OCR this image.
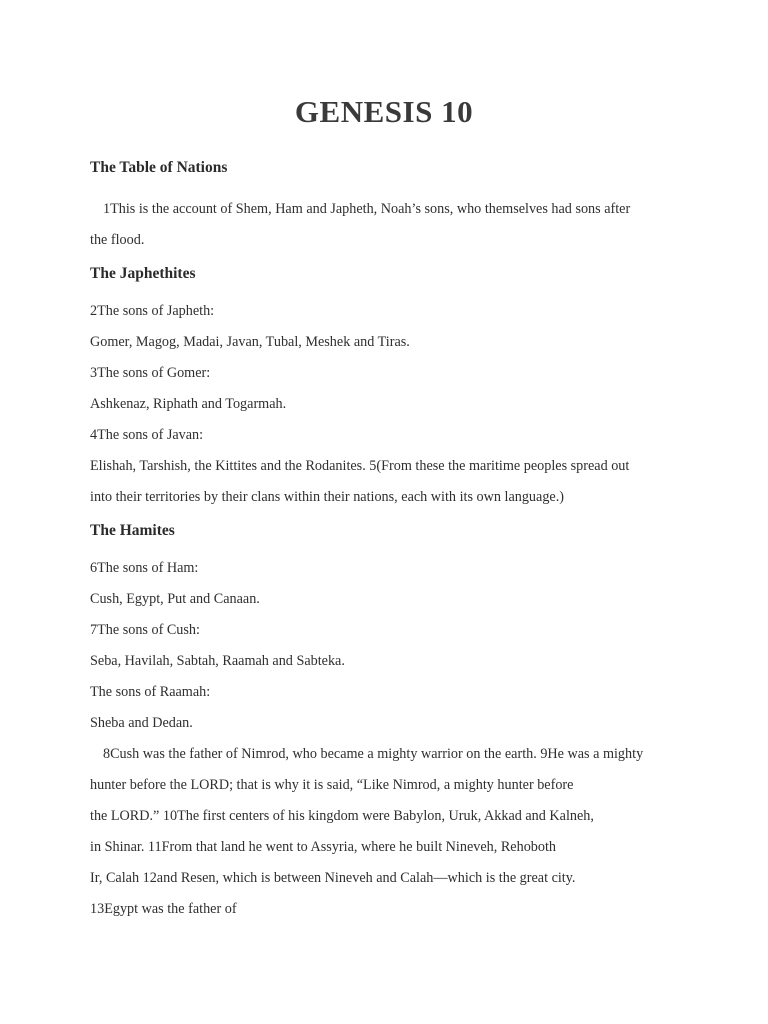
GENESIS 10
The Table of Nations
1This is the account of Shem, Ham and Japheth, Noah’s sons, who themselves had sons after
the flood.
The Japhethites
2The sons of Japheth:
Gomer, Magog, Madai, Javan, Tubal, Meshek and Tiras.
3The sons of Gomer:
Ashkenaz, Riphath and Togarmah.
4The sons of Javan:
Elishah, Tarshish, the Kittites and the Rodanites. 5(From these the maritime peoples spread out
into their territories by their clans within their nations, each with its own language.)
The Hamites
6The sons of Ham:
Cush, Egypt, Put and Canaan.
7The sons of Cush:
Seba, Havilah, Sabtah, Raamah and Sabteka.
The sons of Raamah:
Sheba and Dedan.
8Cush was the father of Nimrod, who became a mighty warrior on the earth. 9He was a mighty
hunter before the LORD; that is why it is said, “Like Nimrod, a mighty hunter before
the LORD.” 10The first centers of his kingdom were Babylon, Uruk, Akkad and Kalneh,
in Shinar. 11From that land he went to Assyria, where he built Nineveh, Rehoboth
Ir, Calah 12and Resen, which is between Nineveh and Calah—which is the great city.
13Egypt was the father of
